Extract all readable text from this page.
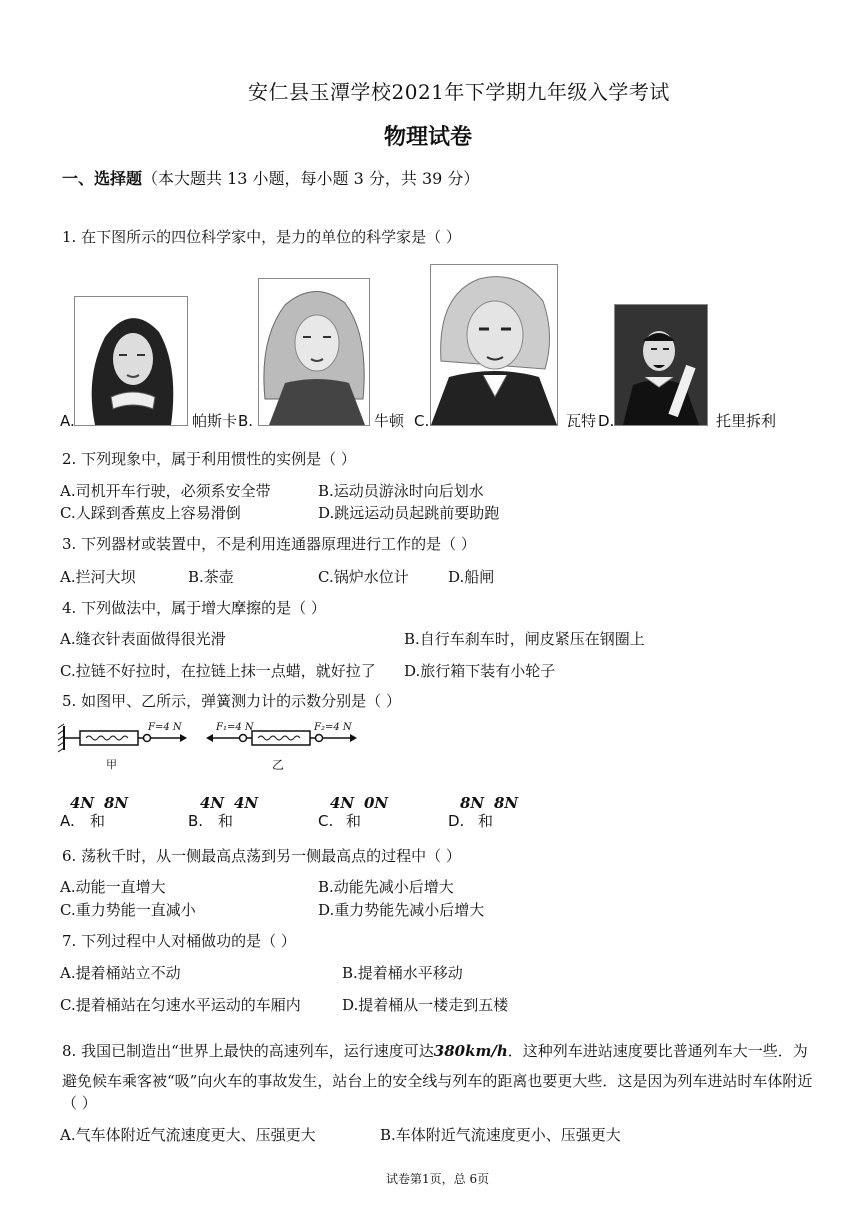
安仁县玉潭学校2021年下学期九年级入学考试
物理试卷
一、选择题（本大题共 13 小题，每小题 3 分，共 39 分）
1. 在下图所示的四位科学家中，是力的单位的科学家是（ ）
A.	帕斯卡 B.	牛顿 C.	瓦特 D.	托里拆利
2. 下列现象中，属于利用惯性的实例是（ ）
A.司机开车行驶，必须系安全带	B.运动员游泳时向后划水
C.人踩到香蕉皮上容易滑倒	D.跳远运动员起跳前要助跑
3. 下列器材或装置中，不是利用连通器原理进行工作的是（ ）
A.拦河大坝	B.茶壶	C.锅炉水位计	D.船闸
4. 下列做法中，属于增大摩擦的是（ ）
A.缝衣针表面做得很光滑	B.自行车刹车时，闸皮紧压在钢圈上
C.拉链不好拉时，在拉链上抹一点蜡，就好拉了 D.旅行箱下装有小轮子
5. 如图甲、乙所示，弹簧测力计的示数分别是（ ）
F=4 N	F₁=4 N	F₂=4 N
甲	乙
4N 8N
A. 和
4N 4N
B. 和
4N 0N
C. 和
8N 8N
D. 和
6. 荡秋千时，从一侧最高点荡到另一侧最高点的过程中（ ）
A.动能一直增大	B.动能先减小后增大
C.重力势能一直减小	D.重力势能先减小后增大
7. 下列过程中人对桶做功的是（ ）
A.提着桶站立不动	B.提着桶水平移动
C.提着桶站在匀速水平运动的车厢内	D.提着桶从一楼走到五楼
8. 我国已制造出“世界上最快的高速列车，运行速度可达380km/h．这种列车进站速度要比普通列车大一些．为
避免候车乘客被“吸”向火车的事故发生，站台上的安全线与列车的距离也要更大些．这是因为列车进站时车体附近
（ ）
A.气车体附近气流速度更大、压强更大	B.车体附近气流速度更小、压强更大
试卷第1页，总 6页
